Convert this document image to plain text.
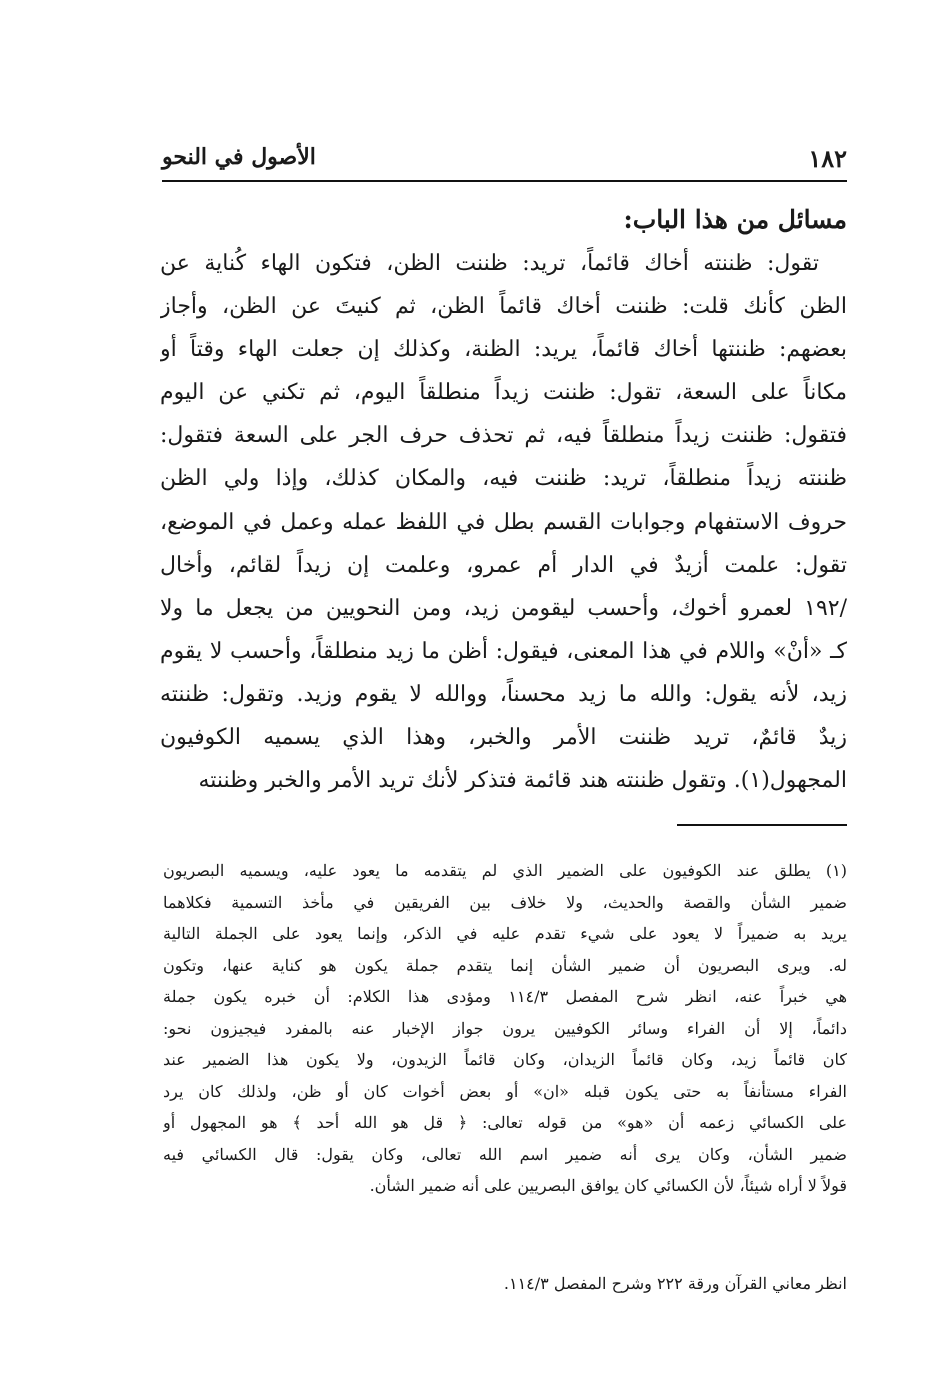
١٨٢
الأصول في النحو
مسائل من هذا الباب:
تقول: ظننته أخاك قائماً، تريد: ظننت الظن، فتكون الهاء كُناية عن
الظن كأنك قلت: ظننت أخاك قائماً الظن، ثم كنيتَ عن الظن، وأجاز
بعضهم: ظننتها أخاك قائماً، يريد: الظنة، وكذلك إن جعلت الهاء وقتاً أو
مكاناً على السعة، تقول: ظننت زيداً منطلقاً اليوم، ثم تكني عن اليوم
فتقول: ظننت زيداً منطلقاً فيه، ثم تحذف حرف الجر على السعة فتقول:
ظننته زيداً منطلقاً، تريد: ظننت فيه، والمكان كذلك، وإذا ولي الظن
حروف الاستفهام وجوابات القسم بطل في اللفظ عمله وعمل في الموضع،
تقول: علمت أزيدٌ في الدار أم عمرو، وعلمت إن زيداً لقائم، وأخال
/١٩٢ لعمرو أخوك، وأحسب ليقومن زيد، ومن النحويين من يجعل ما ولا
كـ «أنْ» واللام في هذا المعنى، فيقول: أظن ما زيد منطلقاً، وأحسب لا يقوم
زيد، لأنه يقول: والله ما زيد محسناً، ووالله لا يقوم وزيد. وتقول: ظننته
زيدٌ قائمٌ، تريد ظننت الأمر والخبر، وهذا الذي يسميه الكوفيون
المجهول(١). وتقول ظننته هند قائمة فتذكر لأنك تريد الأمر والخبر وظننته
(١) يطلق عند الكوفيون على الضمير الذي لم يتقدمه ما يعود عليه، ويسميه البصريون
ضمير الشأن والقصة والحديث، ولا خلاف بين الفريقين في مأخذ التسمية فكلاهما
يريد به ضميراً لا يعود على شيء تقدم عليه في الذكر، وإنما يعود على الجملة التالية
له. ويرى البصريون أن ضمير الشأن إنما يتقدم جملة يكون هو كناية عنها، وتكون
هي خبراً عنه، انظر شرح المفصل ١١٤/٣ ومؤدى هذا الكلام: أن خبره يكون جملة
دائماً، إلا أن الفراء وسائر الكوفيين يرون جواز الإخبار عنه بالمفرد فيجيزون نحو:
كان قائماً زيد، وكان قائماً الزيدان، وكان قائماً الزيدون، ولا يكون هذا الضمير عند
الفراء مستأنفاً به حتى يكون قبله «ان» أو بعض أخوات كان أو ظن، ولذلك كان يرد
على الكسائي زعمه أن «هو» من قوله تعالى: ﴿ قل هو الله أحد ﴾ هو المجهول أو
ضمير الشأن، وكان يرى أنه ضمير اسم الله تعالى، وكان يقول: قال الكسائي فيه
قولاً لا أراه شيئاً، لأن الكسائي كان يوافق البصريين على أنه ضمير الشأن.
انظر معاني القرآن ورقة ٢٢٢ وشرح المفصل ١١٤/٣.
